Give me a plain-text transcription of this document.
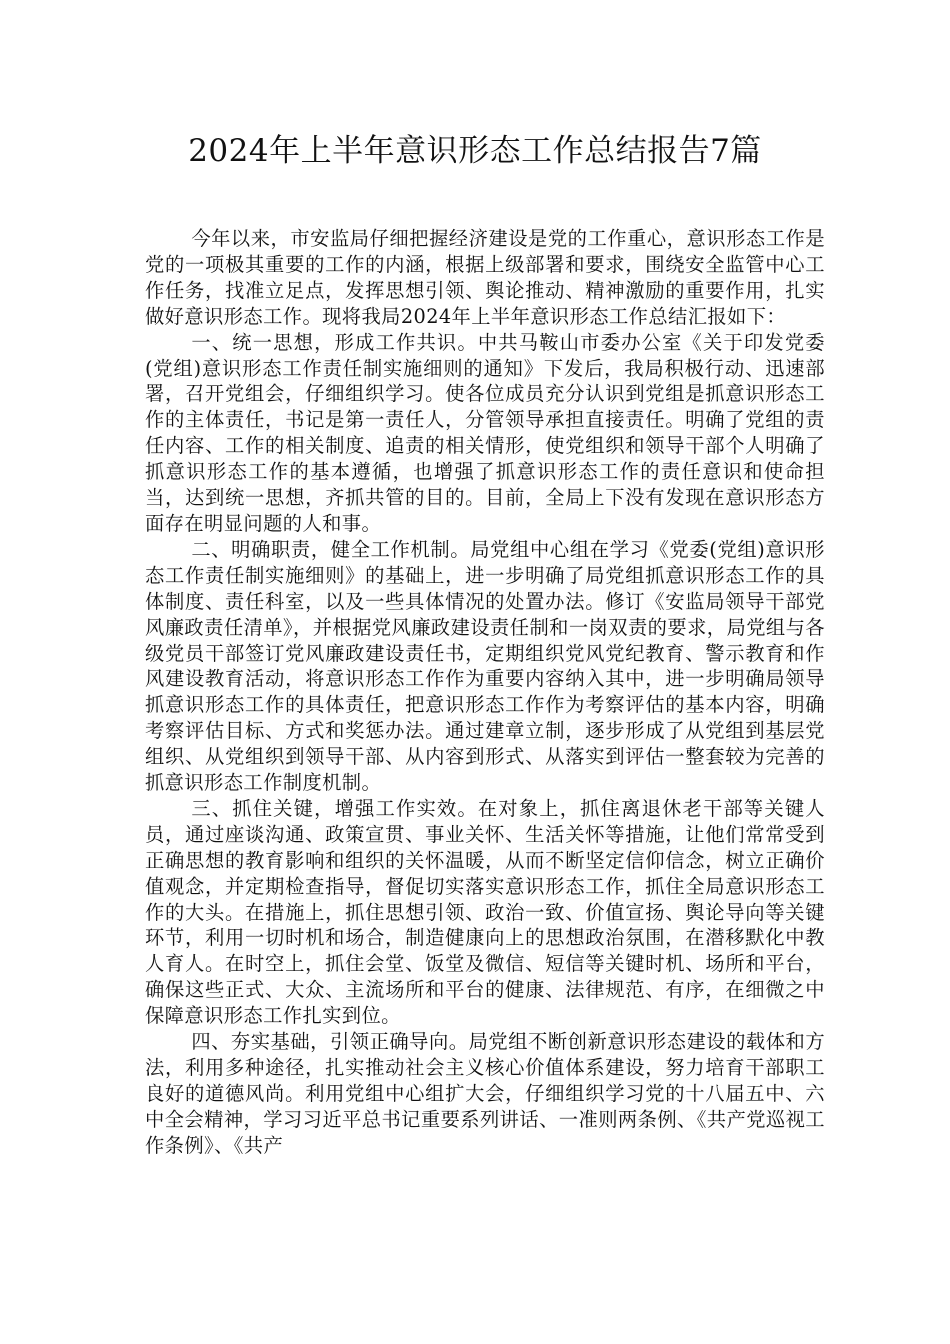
2024年上半年意识形态工作总结报告7篇

今年以来，市安监局仔细把握经济建设是党的工作重心，意识形态工作是党的一项极其重要的工作的内涵，根据上级部署和要求，围绕安全监管中心工作任务，找准立足点，发挥思想引领、舆论推动、精神激励的重要作用，扎实做好意识形态工作。现将我局2024年上半年意识形态工作总结汇报如下：

一、统一思想，形成工作共识。中共马鞍山市委办公室《关于印发党委(党组)意识形态工作责任制实施细则的通知》下发后，我局积极行动、迅速部署，召开党组会，仔细组织学习。使各位成员充分认识到党组是抓意识形态工作的主体责任，书记是第一责任人，分管领导承担直接责任。明确了党组的责任内容、工作的相关制度、追责的相关情形，使党组织和领导干部个人明确了抓意识形态工作的基本遵循，也增强了抓意识形态工作的责任意识和使命担当，达到统一思想，齐抓共管的目的。目前，全局上下没有发现在意识形态方面存在明显问题的人和事。

二、明确职责，健全工作机制。局党组中心组在学习《党委(党组)意识形态工作责任制实施细则》的基础上，进一步明确了局党组抓意识形态工作的具体制度、责任科室，以及一些具体情况的处置办法。修订《安监局领导干部党风廉政责任清单》，并根据党风廉政建设责任制和一岗双责的要求，局党组与各级党员干部签订党风廉政建设责任书，定期组织党风党纪教育、警示教育和作风建设教育活动，将意识形态工作作为重要内容纳入其中，进一步明确局领导抓意识形态工作的具体责任，把意识形态工作作为考察评估的基本内容，明确考察评估目标、方式和奖惩办法。通过建章立制，逐步形成了从党组到基层党组织、从党组织到领导干部、从内容到形式、从落实到评估一整套较为完善的抓意识形态工作制度机制。

三、抓住关键，增强工作实效。在对象上，抓住离退休老干部等关键人员，通过座谈沟通、政策宣贯、事业关怀、生活关怀等措施，让他们常常受到正确思想的教育影响和组织的关怀温暖，从而不断坚定信仰信念，树立正确价值观念，并定期检查指导，督促切实落实意识形态工作，抓住全局意识形态工作的大头。在措施上，抓住思想引领、政治一致、价值宣扬、舆论导向等关键环节，利用一切时机和场合，制造健康向上的思想政治氛围，在潜移默化中教人育人。在时空上，抓住会堂、饭堂及微信、短信等关键时机、场所和平台，确保这些正式、大众、主流场所和平台的健康、法律规范、有序，在细微之中保障意识形态工作扎实到位。

四、夯实基础，引领正确导向。局党组不断创新意识形态建设的载体和方法，利用多种途径，扎实推动社会主义核心价值体系建设，努力培育干部职工良好的道德风尚。利用党组中心组扩大会，仔细组织学习党的十八届五中、六中全会精神，学习习近平总书记重要系列讲话、一准则两条例、《共产党巡视工作条例》、《共产
